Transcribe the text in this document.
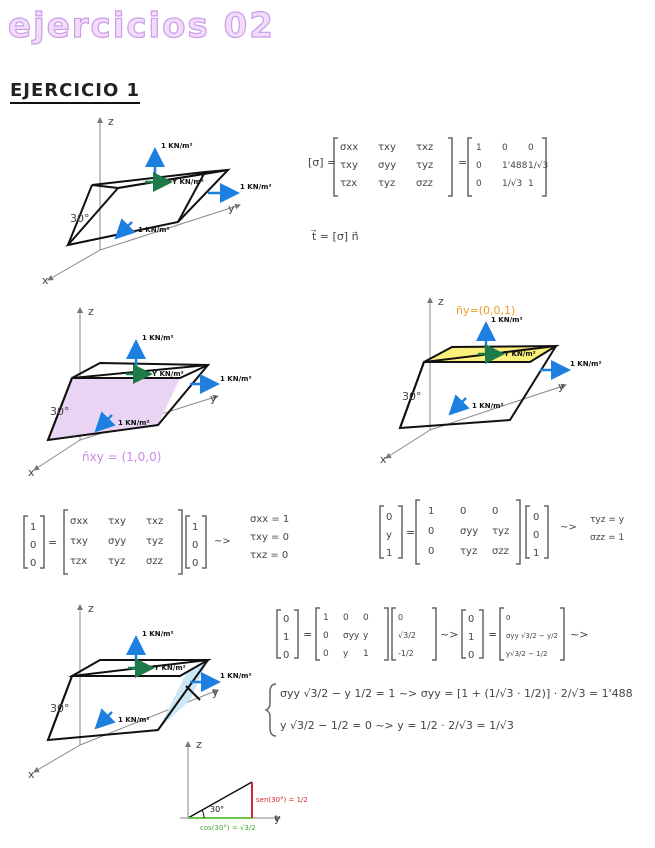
ejercicios 02
EJERCICIO 1
z
y
x
30°
1 KN/m²
Y KN/m²
1 KN/m²
1 KN/m²
[σ] =
σxx τxy τxz
τxy σyy τyz
τzx τyz σzz
=
1 0 0
0 1'488 1/√3
0 1/√3 1
t⃗ = [σ] n⃗
z
y
x
30°
1 KN/m²
Y KN/m²
1 KN/m²
1 KN/m²
n̄xy = (1,0,0)
z
y
x
30°
n̄y=(0,0,1)
1 KN/m²
Y KN/m²
1 KN/m²
1 KN/m²
=
1
0
0
σxx τxy τxz
τxy σyy τyz
τzx τyz σzz
1
0
0
~>
σxx = 1
τxy = 0
τxz = 0
=
0
y
1
1	0	0
0	σyy τyz
0	τyz σzz
0
0
1
~>
τyz = y
σzz = 1
z
y
x
30°
1 KN/m²
Y KN/m²
1 KN/m²
1 KN/m²
=	~>	=	~>
0
1
0
1 0 0
0 σyy y
0 y 1
0
√3/2
-1/2
0
1
0
0
σyy √3/2 − y/2
y√3/2 − 1/2
σyy √3/2 − y 1/2 = 1 ~> σyy = [1 + (1/√3 · 1/2)] · 2/√3 = 1'488
y √3/2 − 1/2 = 0 ~> y = 1/2 · 2/√3 = 1/√3
z
y
30°
sen(30°) = 1/2
cos(30°) = √3/2
